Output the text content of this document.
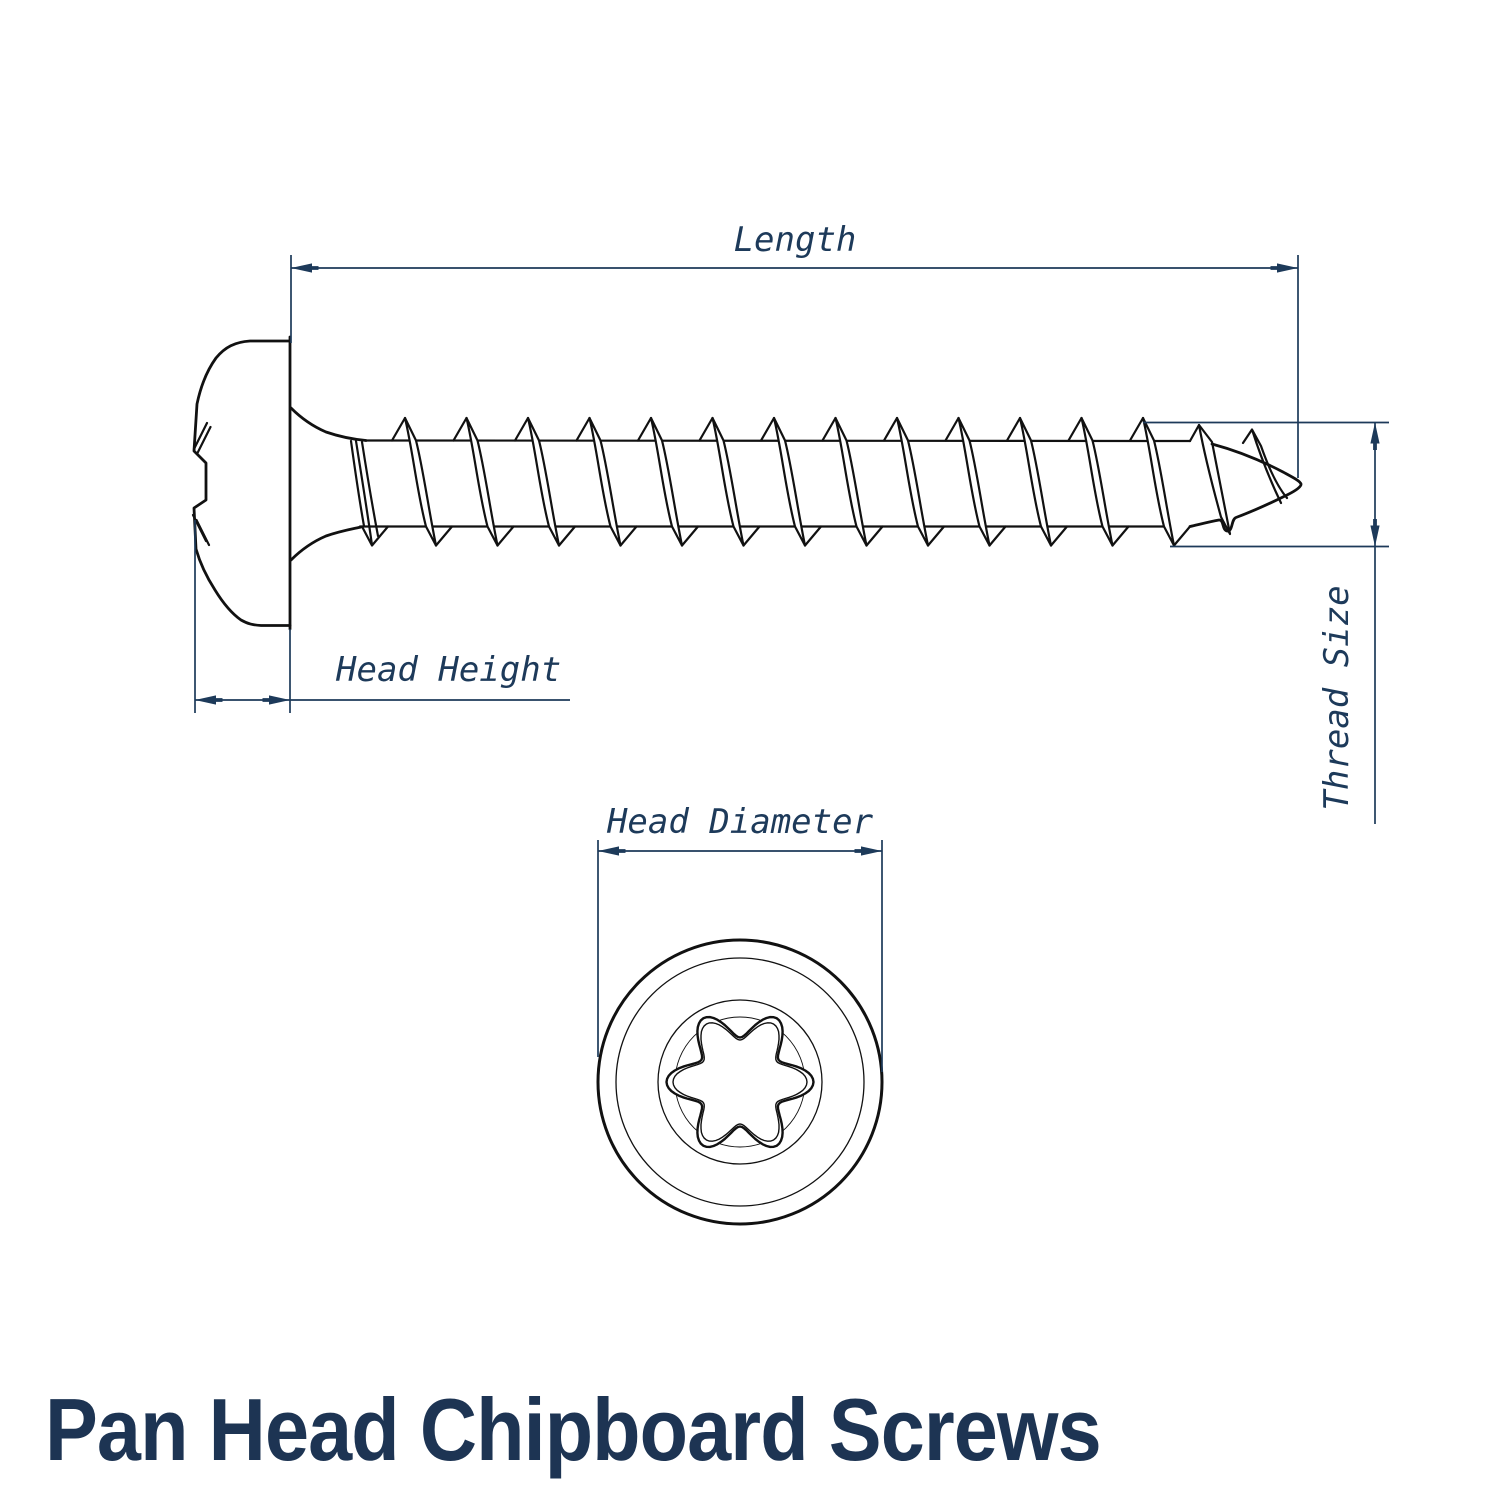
Length
Head Height	Thread Size
Head Diameter
Pan Head Chipboard Screws
